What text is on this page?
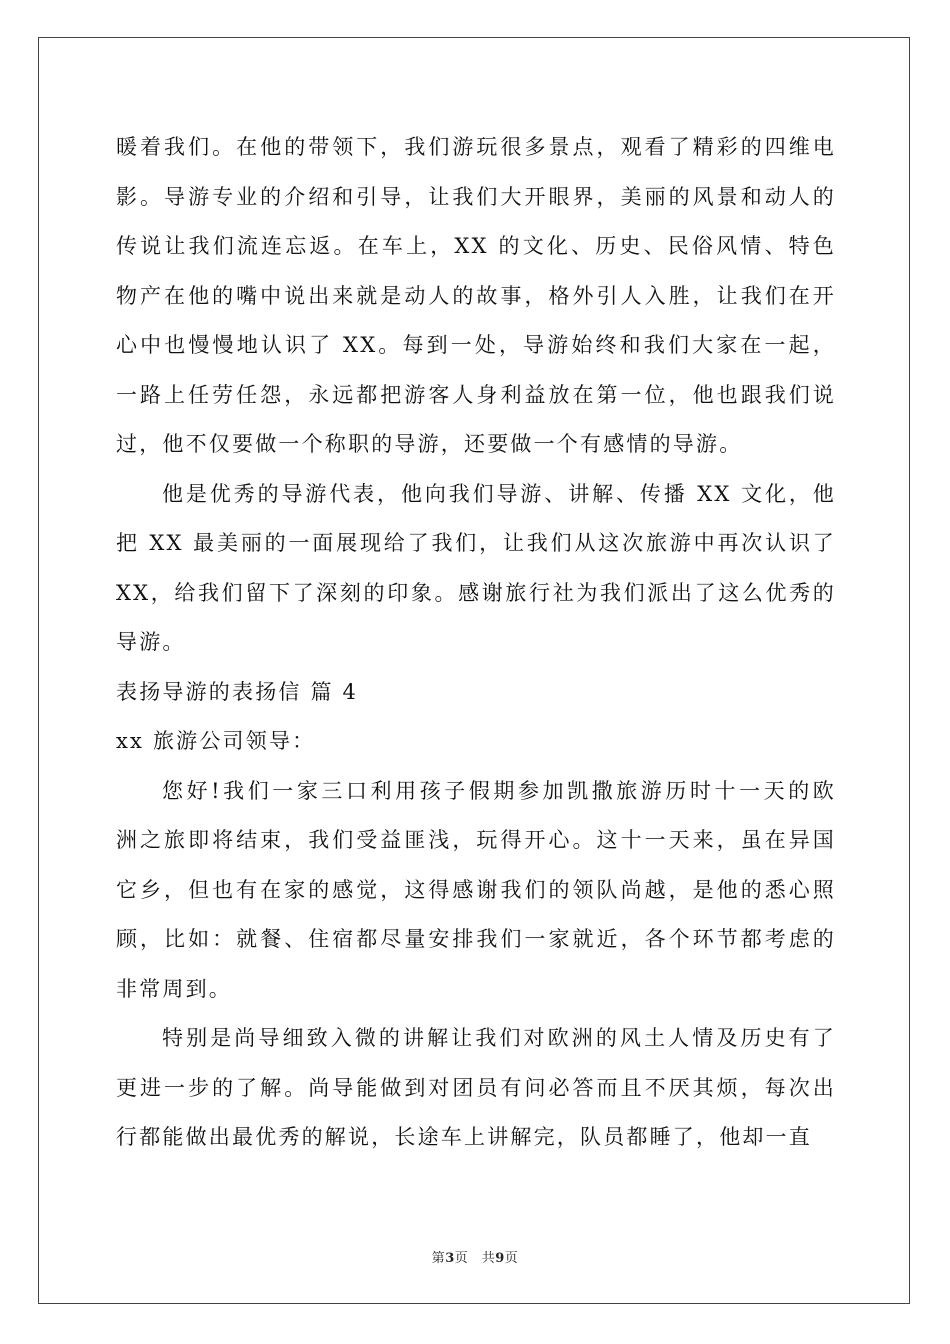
暖着我们。在他的带领下，我们游玩很多景点，观看了精彩的四维电
影。导游专业的介绍和引导，让我们大开眼界，美丽的风景和动人的
传说让我们流连忘返。在车上，XX 的文化、历史、民俗风情、特色
物产在他的嘴中说出来就是动人的故事，格外引人入胜，让我们在开
心中也慢慢地认识了 XX。每到一处，导游始终和我们大家在一起，
一路上任劳任怨，永远都把游客人身利益放在第一位，他也跟我们说
过，他不仅要做一个称职的导游，还要做一个有感情的导游。
他是优秀的导游代表，他向我们导游、讲解、传播 XX 文化，他
把 XX 最美丽的一面展现给了我们，让我们从这次旅游中再次认识了
XX，给我们留下了深刻的印象。感谢旅行社为我们派出了这么优秀的
导游。
表扬导游的表扬信 篇 4
xx 旅游公司领导：
您好!我们一家三口利用孩子假期参加凯撒旅游历时十一天的欧
洲之旅即将结束，我们受益匪浅，玩得开心。这十一天来，虽在异国
它乡，但也有在家的感觉，这得感谢我们的领队尚越，是他的悉心照
顾，比如：就餐、住宿都尽量安排我们一家就近，各个环节都考虑的
非常周到。
特别是尚导细致入微的讲解让我们对欧洲的风土人情及历史有了
更进一步的了解。尚导能做到对团员有问必答而且不厌其烦，每次出
行都能做出最优秀的解说，长途车上讲解完，队员都睡了，他却一直
第3页　共9页
